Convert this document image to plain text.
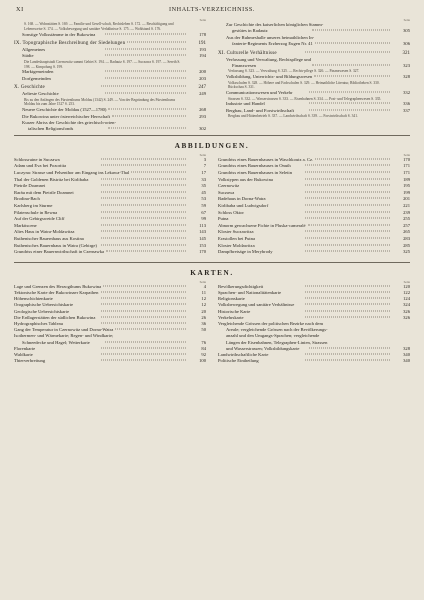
XI	INHALTS-VERZEICHNISS.
Seite
S. 168. — Wohnstätten S. 169. — Familie und Gesell-schaft, Rechtsleben S. 172. — Beschäftigung und Lebensweise S. 174. — Volksbewegung und sanitäre Verhältnisse S. 175. — Wohlstand S. 176.
Sonstige Volksstämme in der Bukowina	178
IX. Topographische Beschreibung der Siedelungen	191
Allgemeines	193
Städte	194
Die Landeshauptstadt Czernowitz sammt Gebiet S. 194. — Radautz S. 197. — Suczawa S. 197. — Sereth S. 198. — Kimpolung S. 199.
Marktgemeinden	200
Dorfgemeinden	203
X. Geschichte	247
Aelteste Geschichte	249
Bis zu den Anfängen des Fürstenthums Moldau (1342) S. 249. — Von der Begründung des Fürstenthums Moldau bis zum Jahre 1527 S. 253.
Neuere Geschichte der Moldau (1527—1780)	268
Die Bukowina unter österreichischer Herrschaft	293
Kurzer Abriss der Geschichte des griechisch-orien-
talischen Religionsfonds	302
Seite
Zur Geschichte des kaiserlichen königlichen Stamm-
gestütes in Radautz	305
Aus der Ruhmeshalle unseres heimathlichen In-
fanterie-Regiments Erzherzog Eugen Nr. 41	306
XI. Culturelle Verhältnisse	321
Verfassung und Verwaltung, Rechtspflege und
Finanzwesen	323
Verfassung S. 323. — Verwaltung S. 325. — Rechts-pflege S. 326. — Finanzwesen S. 327.
Volksbildung, Unterrichts- und Bildungswesen	328
Volksschulen S. 328. — Höhere und Fachschulen S. 329. — Heimathliche Literatur, Bibliotheken S. 330. Rückschau S. 331.
Communicationswesen und Verkehr	332
Strassen S. 332. — Wasserstrassen S. 333. — Eisenbahnen S. 334. — Post- und Telegraphenwesen S. 335.
Industrie und Handel	336
Bergbau, Land- und Forstwirthschaft	337
Bergbau und Hüttenbetrieb S. 337. — Landwirthschaft S. 339. — Forstwirthschaft S. 341.
ABBILDUNGEN.
Seite
Schlossruine in Suczawa	3
Adam und Eva bei Pozoritta	7
Luczyna: Strasse und Felsenthor am Eingang ins Lekawa-Thal	17
Thal der Goldenen Bistritz bei Kirlibaba	33
Pietrile Doamnei	35
Rarău mit dem Pietrile Doamnei	45
Brodina-Bach	53
Karlsberg im Sturme	59
Pilatenschule in Rewna	67
Auf der Gebirgsweide Cliff	99
Markttscene	113
Altes Haus in Watra-Moldawitza	143
Ruthenischer Bauernhaus aus Kostina	145
Ruthenisches Bauernhaus in Watra (Gebirge)	153
Grundriss einer Bauernwirthschaft in Czernawka	170
Seite
Grundriss eines Bauernhauses in Waschkoutz a. Cz.	170
Grundriss eines Bauernhauses in Onuth	171
Grundriss eines Bauernhauses in Seletin	171
Volkstypen aus der Bukowina	189
Czernowitz	195
Suczawa	199
Badehaus in Dorna-Watra	201
Kirlibaba und Ludwigsdorf	221
Schloss Oktor	239
Putna	255
Abnorm gewachsene Fichte in Pluska-cameralé	257
Kloster Suczawitza	265
Erzstollen bei Putna	283
Kloster Moldawitza	285
Dampfbretsäge in Merybrody	325
KARTEN.
Seite
Lage und Grenzen des Herzogthums Bukowina	4
Tektonische Karte der Bukowinaer Karpathen	11
Höhenschichtenkarte	12
Orographische Uebersichtskarte	12
Geologische Uebersichtskarte	20
Die Erdlagerstätten der südlichen Bukowina	26
Hydrographisches Tableau	36
Gang der Temperatur in Czernowitz und Dorna-Watra	50
Isothermen- und Wärmekarte; Regen- und Windkarte;
Schneedecke und Hagel; Wetterkarte	76
Florenkarte	84
Waldkarte	92
Thierverbreitung	100
Seite
Bevölkerungsdichtigkeit	120
Sprachen- und Nationalitätenkarte	122
Religionskarte	124
Volksbewegung und sanitäre Verhältnisse	324
Historische Karte	326
Verkehrskarte	326
Vergleichende Grössen der politischen Bezirke nach dem
Areale; vergleichende Grössen nach der Bevölkerungs-
anzahl und den Umgangs-Sprachen; vergleichende
Längen der Eisenbahnen, Telegraphen-Linien, Strassen
und Wasserstrassen; Volksbildungskarte	328
Landwirthschaftliche Karte	340
Politische Eintheilung	340
